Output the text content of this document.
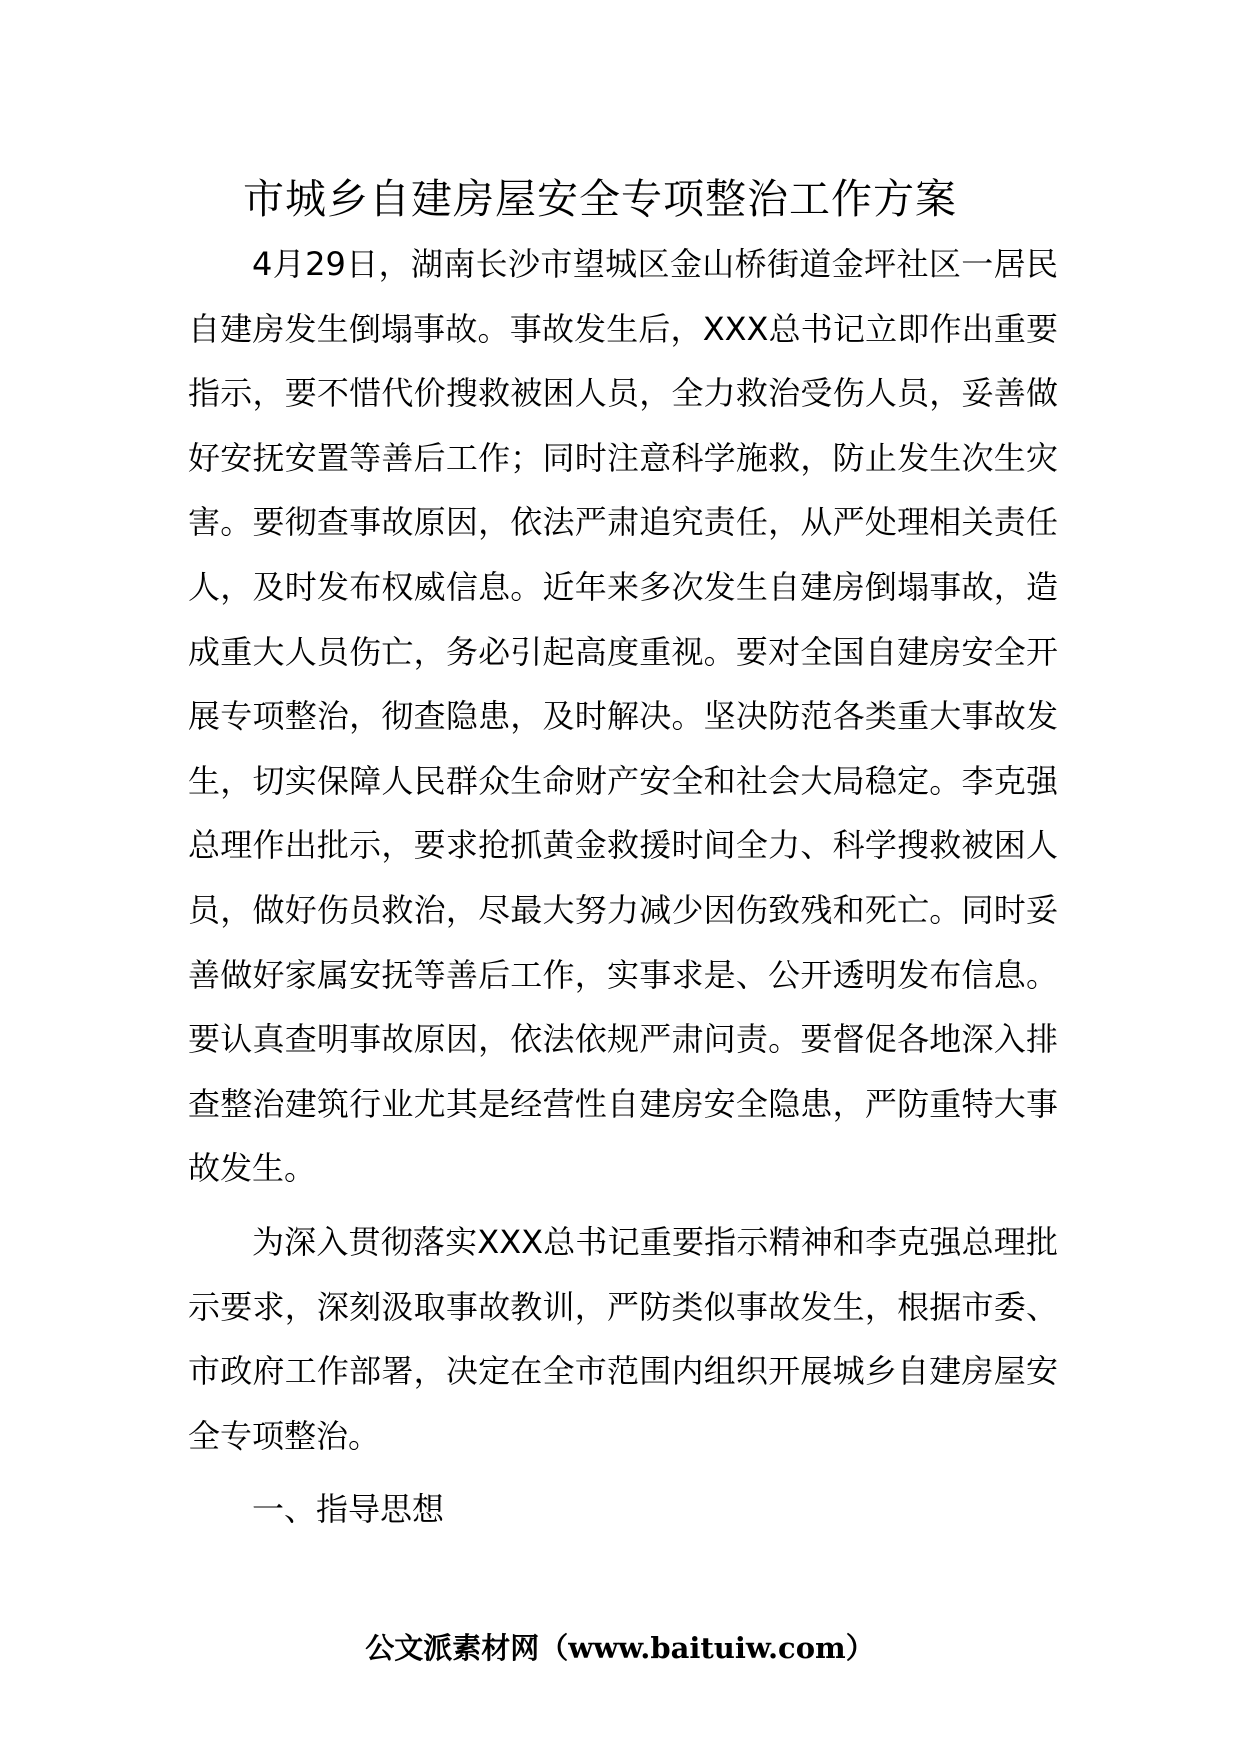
市城乡自建房屋安全专项整治工作方案

4月29日，湖南长沙市望城区金山桥街道金坪社区一居民自建房发生倒塌事故。事故发生后，XXX总书记立即作出重要指示，要不惜代价搜救被困人员，全力救治受伤人员，妥善做好安抚安置等善后工作；同时注意科学施救，防止发生次生灾害。要彻查事故原因，依法严肃追究责任，从严处理相关责任人，及时发布权威信息。近年来多次发生自建房倒塌事故，造成重大人员伤亡，务必引起高度重视。要对全国自建房安全开展专项整治，彻查隐患，及时解决。坚决防范各类重大事故发生，切实保障人民群众生命财产安全和社会大局稳定。李克强总理作出批示，要求抢抓黄金救援时间全力、科学搜救被困人员，做好伤员救治，尽最大努力减少因伤致残和死亡。同时妥善做好家属安抚等善后工作，实事求是、公开透明发布信息。要认真查明事故原因，依法依规严肃问责。要督促各地深入排查整治建筑行业尤其是经营性自建房安全隐患，严防重特大事故发生。

为深入贯彻落实XXX总书记重要指示精神和李克强总理批示要求，深刻汲取事故教训，严防类似事故发生，根据市委、市政府工作部署，决定在全市范围内组织开展城乡自建房屋安全专项整治。

一、指导思想

公文派素材网（www.baituiw.com）
